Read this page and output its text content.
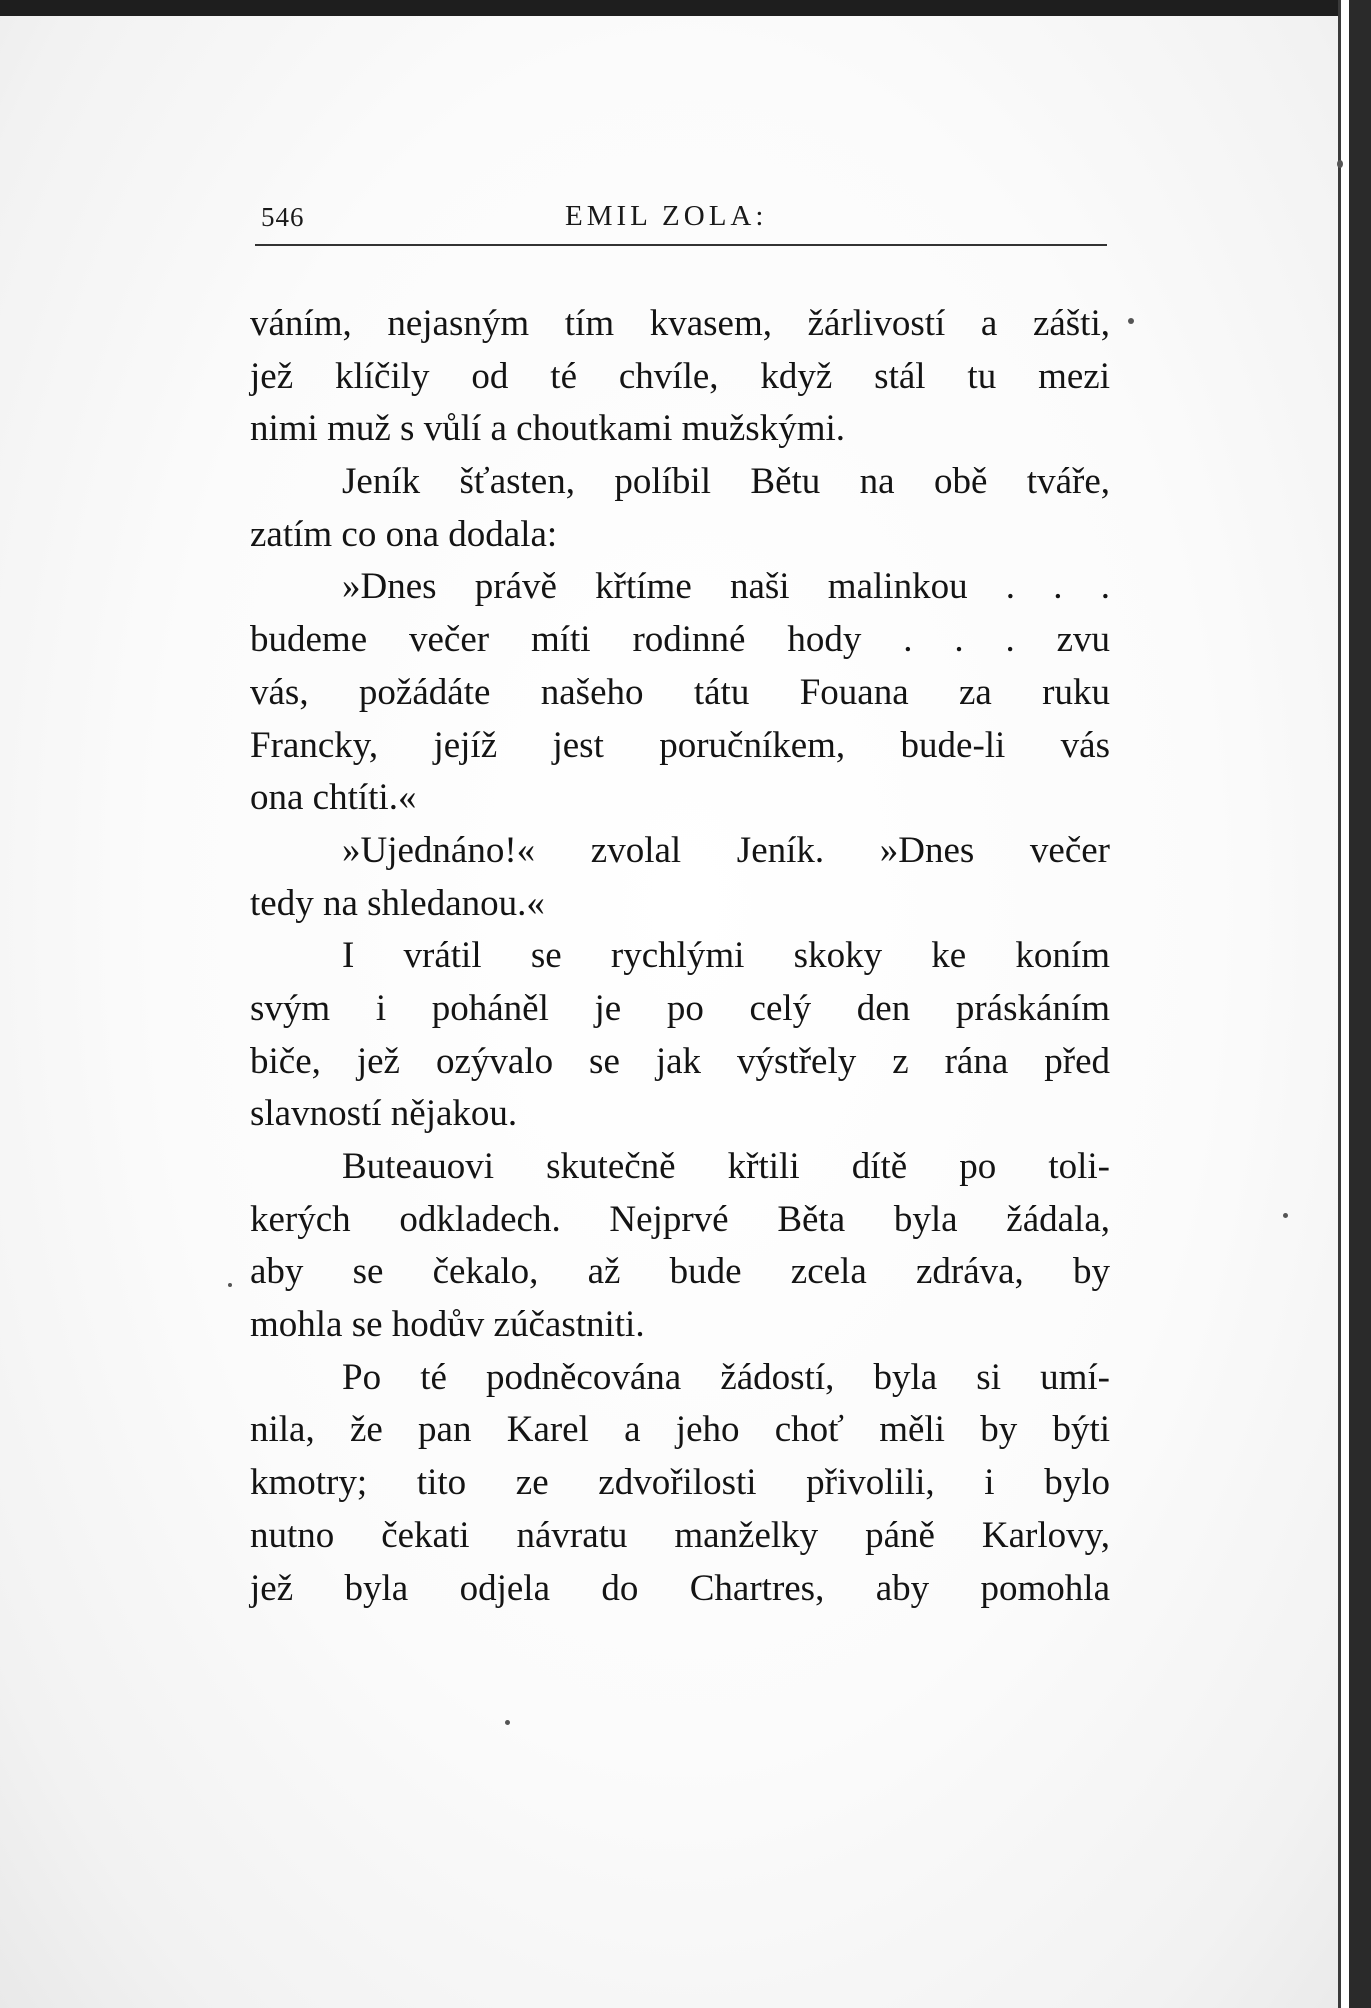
546	EMIL ZOLA:
váním, nejasným tím kvasem, žárlivostí a zášti,
jež klíčily od té chvíle, když stál tu mezi
nimi muž s vůlí a choutkami mužskými.
Jeník šťasten, políbil Bětu na obě tváře,
zatím co ona dodala:
»Dnes právě křtíme naši malinkou . . .
budeme večer míti rodinné hody . . . zvu
vás, požádáte našeho tátu Fouana za ruku
Francky, jejíž jest poručníkem, bude-li vás
ona chtíti.«
»Ujednáno!« zvolal Jeník. »Dnes večer
tedy na shledanou.«
I vrátil se rychlými skoky ke koním
svým i poháněl je po celý den práskáním
biče, jež ozývalo se jak výstřely z rána před
slavností nějakou.
Buteauovi skutečně křtili dítě po toli-
kerých odkladech. Nejprvé Běta byla žádala,
aby se čekalo, až bude zcela zdráva, by
mohla se hodův zúčastniti.
Po té podněcována žádostí, byla si umí-
nila, že pan Karel a jeho choť měli by býti
kmotry; tito ze zdvořilosti přivolili, i bylo
nutno čekati návratu manželky páně Karlovy,
jež byla odjela do Chartres, aby pomohla
